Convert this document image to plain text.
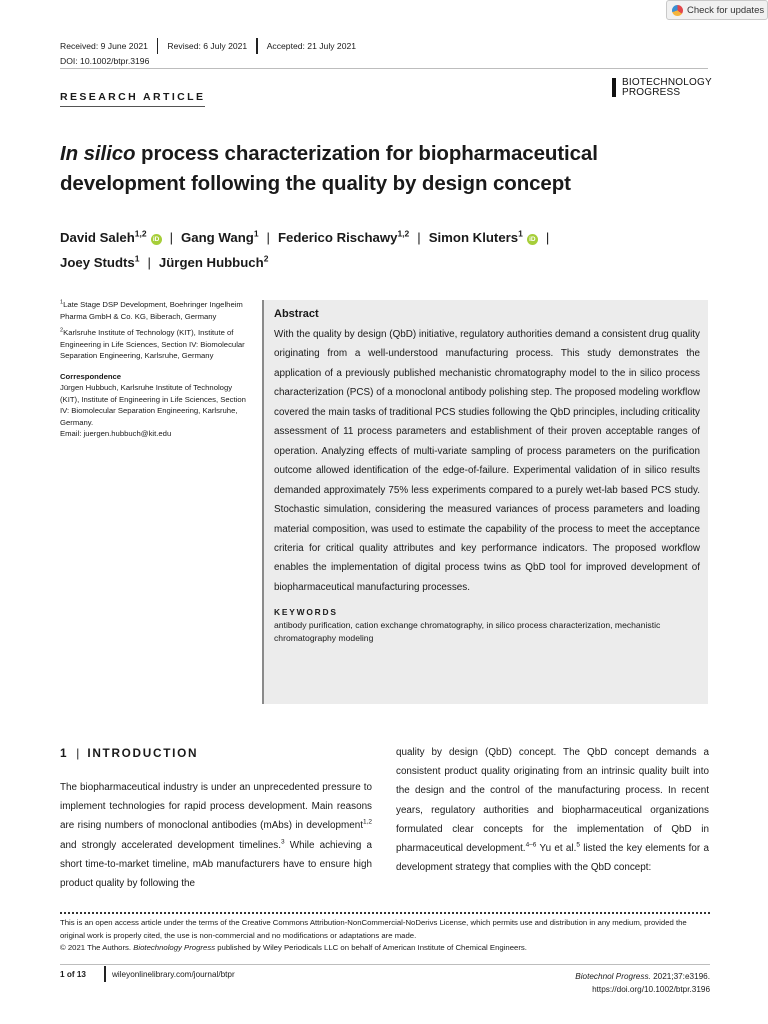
Check for updates
Received: 9 June 2021 Revised: 6 July 2021 Accepted: 21 July 2021
DOI: 10.1002/btpr.3196
BIOTECHNOLOGY
PROGRESS
RESEARCH ARTICLE
In silico process characterization for biopharmaceutical
development following the quality by design concept
David Saleh$^{1,2}$iD | Gang Wang$^1$ | Federico Rischawy$^{1,2}$ | Simon Kluters$^1$iD |
Joey Studts$^1$ | Jürgen Hubbuch$^2$

$^1$Late Stage DSP Development, Boehringer Ingelheim Pharma GmbH & Co. KG, Biberach, Germany

$^2$Karlsruhe Institute of Technology (KIT), Institute of Engineering in Life Sciences, Section IV: Biomolecular Separation Engineering, Karlsruhe, Germany

Correspondence

Jürgen Hubbuch, Karlsruhe Institute of Technology (KIT), Institute of Engineering in Life Sciences, Section IV: Biomolecular Separation Engineering, Karlsruhe, Germany.
Email: juergen.hubbuch@kit.edu

Abstract
With the quality by design (QbD) initiative, regulatory authorities demand a consistent drug quality originating from a well-understood manufacturing process. This study demonstrates the application of a previously published mechanistic chromatography model to the in silico process characterization (PCS) of a monoclonal antibody polishing step. The proposed modeling workflow covered the main tasks of traditional PCS studies following the QbD principles, including criticality assessment of 11 process parameters and establishment of their proven acceptable ranges of operation. Analyzing effects of multi-variate sampling of process parameters on the purification outcome allowed identification of the edge-of-failure. Experimental validation of in silico results demanded approximately 75% less experiments compared to a purely wet-lab based PCS study. Stochastic simulation, considering the measured variances of process parameters and loading material composition, was used to estimate the capability of the process to meet the acceptance criteria for critical quality attributes and key performance indicators. The proposed workflow enables the implementation of digital process twins as QbD tool for improved development of biopharmaceutical manufacturing processes.
KEYWORDS
antibody purification, cation exchange chromatography, in silico process characterization, mechanistic chromatography modeling
1 | INTRODUCTION
The biopharmaceutical industry is under an unprecedented pressure to implement technologies for rapid process development. Main reasons are rising numbers of monoclonal antibodies (mAbs) in development$^{1,2}$ and strongly accelerated development timelines.$^3$ While achieving a short time-to-market timeline, mAb manufacturers have to ensure high product quality by following the
quality by design (QbD) concept. The QbD concept demands a consistent product quality originating from an intrinsic quality built into the design and the control of the manufacturing process. In recent years, regulatory authorities and biopharmaceutical organizations formulated clear concepts for the implementation of QbD in pharmaceutical development.$^{4-6}$ Yu et al.$^5$ listed the key elements for a development strategy that complies with the QbD concept:
This is an open access article under the terms of the Creative Commons Attribution-NonCommercial-NoDerivs License, which permits use and distribution in any medium, provided the original work is properly cited, the use is non-commercial and no modifications or adaptations are made.
© 2021 The Authors. Biotechnology Progress published by Wiley Periodicals LLC on behalf of American Institute of Chemical Engineers.
1 of 13	wileyonlinelibrary.com/journal/btpr	Biotechnol Progress. 2021;37:e3196.
https://doi.org/10.1002/btpr.3196
